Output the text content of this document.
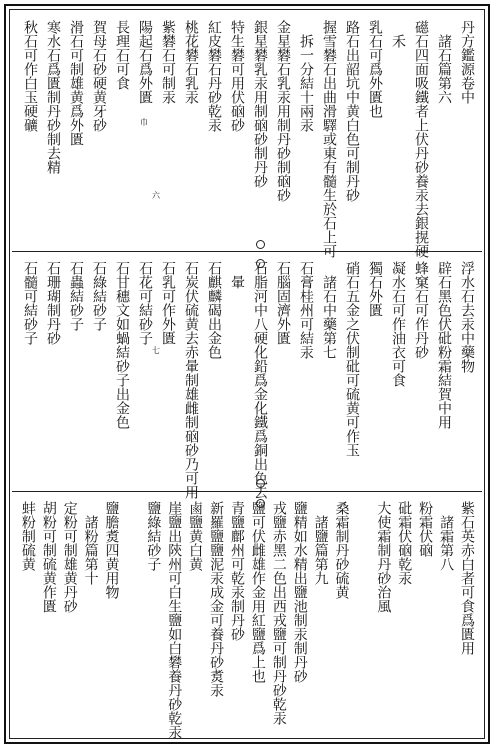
丹方鑑源卷中
　諸石篇第六
礠石四面吸鐵者上伏丹砂養汞去銀㨪硬
　禾
乳石可爲外匱也
路石出韶坑中黄白色可制丹砂
握雪礬石出曲滑驛或東有髓生於石上可
　拆一分結十兩汞
金星礬石乳汞用制丹砂制硇砂
銀星礬乳汞用制硇砂制丹砂
特生礬可用伏硇砂
紅皮礬石丹砂乾汞
桃花礬石乳汞
紫礬石可制汞
陽起石爲外匱
長理石可食
賀母石砂硬黄牙砂
滑石可制雄黄爲外匱
寒水石爲匱制丹砂制去精
秋石可作白玉硬礦	巾
六
浮水石去汞中藥物
辟石黑色伏砒粉霜結賀中用
蜂窠石可作丹砂
凝水石可作油衣可食
獨石外匱
硝石五金之伏制砒可硫黄可作玉
　諸石中藥第七
石膏桂州可結汞
石腦固濟外匱
石脂河中八硬化鉛爲金化鐵爲銅出色去
　暈
石麒麟碣出金色
石炭伏硫黄去赤暈制雄雌制硇砂乃可用
石乳可作外匱
石花可結砂子
石甘穗文如蝸結砂子出金色
石綠結砂子
石蟲結砂子
石珊瑚制丹砂
石髓可結砂子
七
紫石英赤白者可食爲匱用
　諸霜第八
粉霜伏硇
砒霜伏硇乾汞
大使霜制丹砂治風

桑霜制丹砂硫黄
　諸鹽篇第九
鹽精如水精出鹽池制汞制丹砂
戎鹽赤黑二色出西戎鹽可制丹砂乾汞
鹽可伏雌雄作金用紅鹽爲上也
青鹽鄜州可乾汞制丹砂
新羅鹽鹽泥汞成金可養丹砂煑汞
鹵鹽黄白黄
崖鹽出陝州可白生鹽如白礬養丹砂乾汞
鹽綠結砂子

鹽膽煑四黄用物
　諸粉篇第十
定粉可制雄黄丹砂
胡粉可制硫黄作匱
蚌粉制硫黄
